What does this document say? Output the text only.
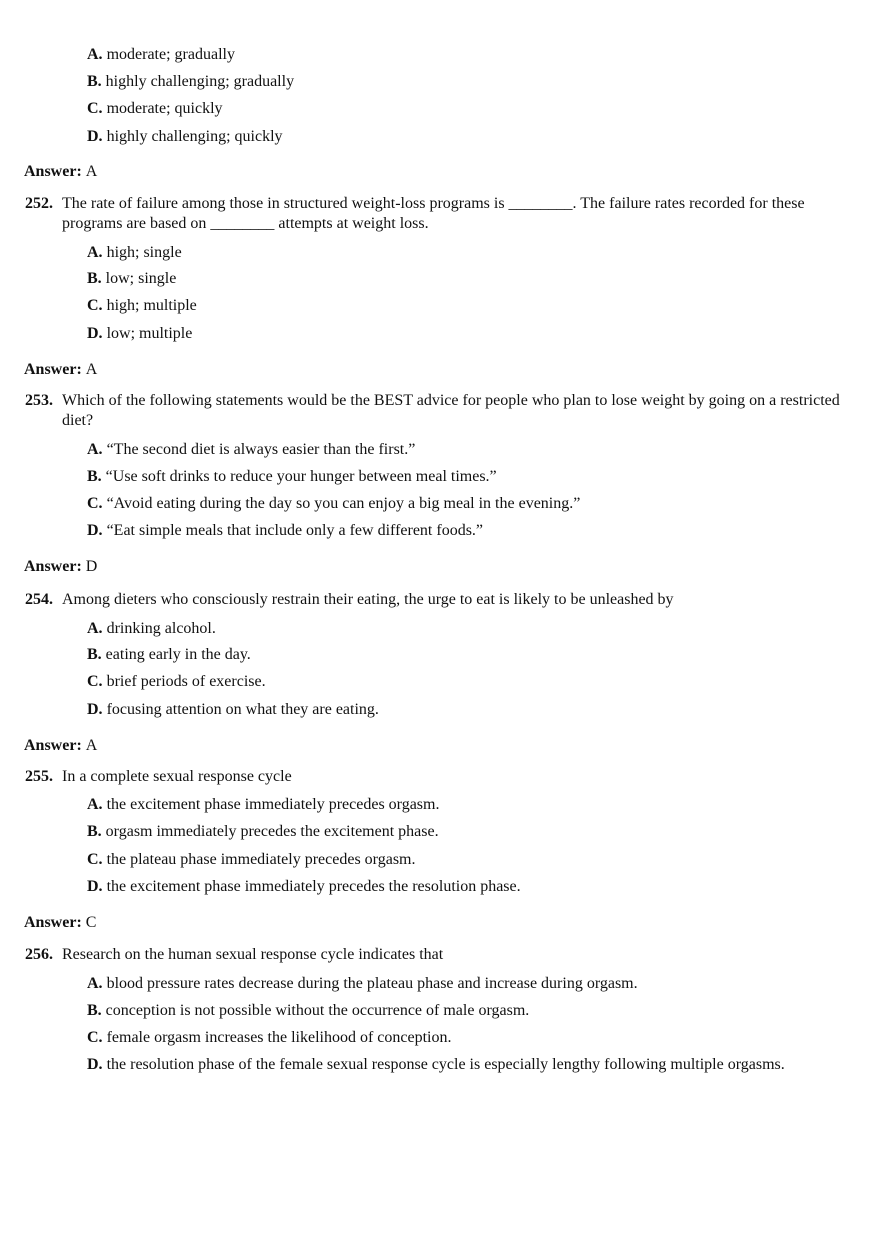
A. moderate; gradually
B. highly challenging; gradually
C. moderate; quickly
D. highly challenging; quickly
Answer: A
252. The rate of failure among those in structured weight-loss programs is ________. The failure rates recorded for these programs are based on ________ attempts at weight loss.
A. high; single
B. low; single
C. high; multiple
D. low; multiple
Answer: A
253. Which of the following statements would be the BEST advice for people who plan to lose weight by going on a restricted diet?
A. “The second diet is always easier than the first.”
B. “Use soft drinks to reduce your hunger between meal times.”
C. “Avoid eating during the day so you can enjoy a big meal in the evening.”
D. “Eat simple meals that include only a few different foods.”
Answer: D
254. Among dieters who consciously restrain their eating, the urge to eat is likely to be unleashed by
A. drinking alcohol.
B. eating early in the day.
C. brief periods of exercise.
D. focusing attention on what they are eating.
Answer: A
255. In a complete sexual response cycle
A. the excitement phase immediately precedes orgasm.
B. orgasm immediately precedes the excitement phase.
C. the plateau phase immediately precedes orgasm.
D. the excitement phase immediately precedes the resolution phase.
Answer: C
256. Research on the human sexual response cycle indicates that
A. blood pressure rates decrease during the plateau phase and increase during orgasm.
B. conception is not possible without the occurrence of male orgasm.
C. female orgasm increases the likelihood of conception.
D. the resolution phase of the female sexual response cycle is especially lengthy following multiple orgasms.
